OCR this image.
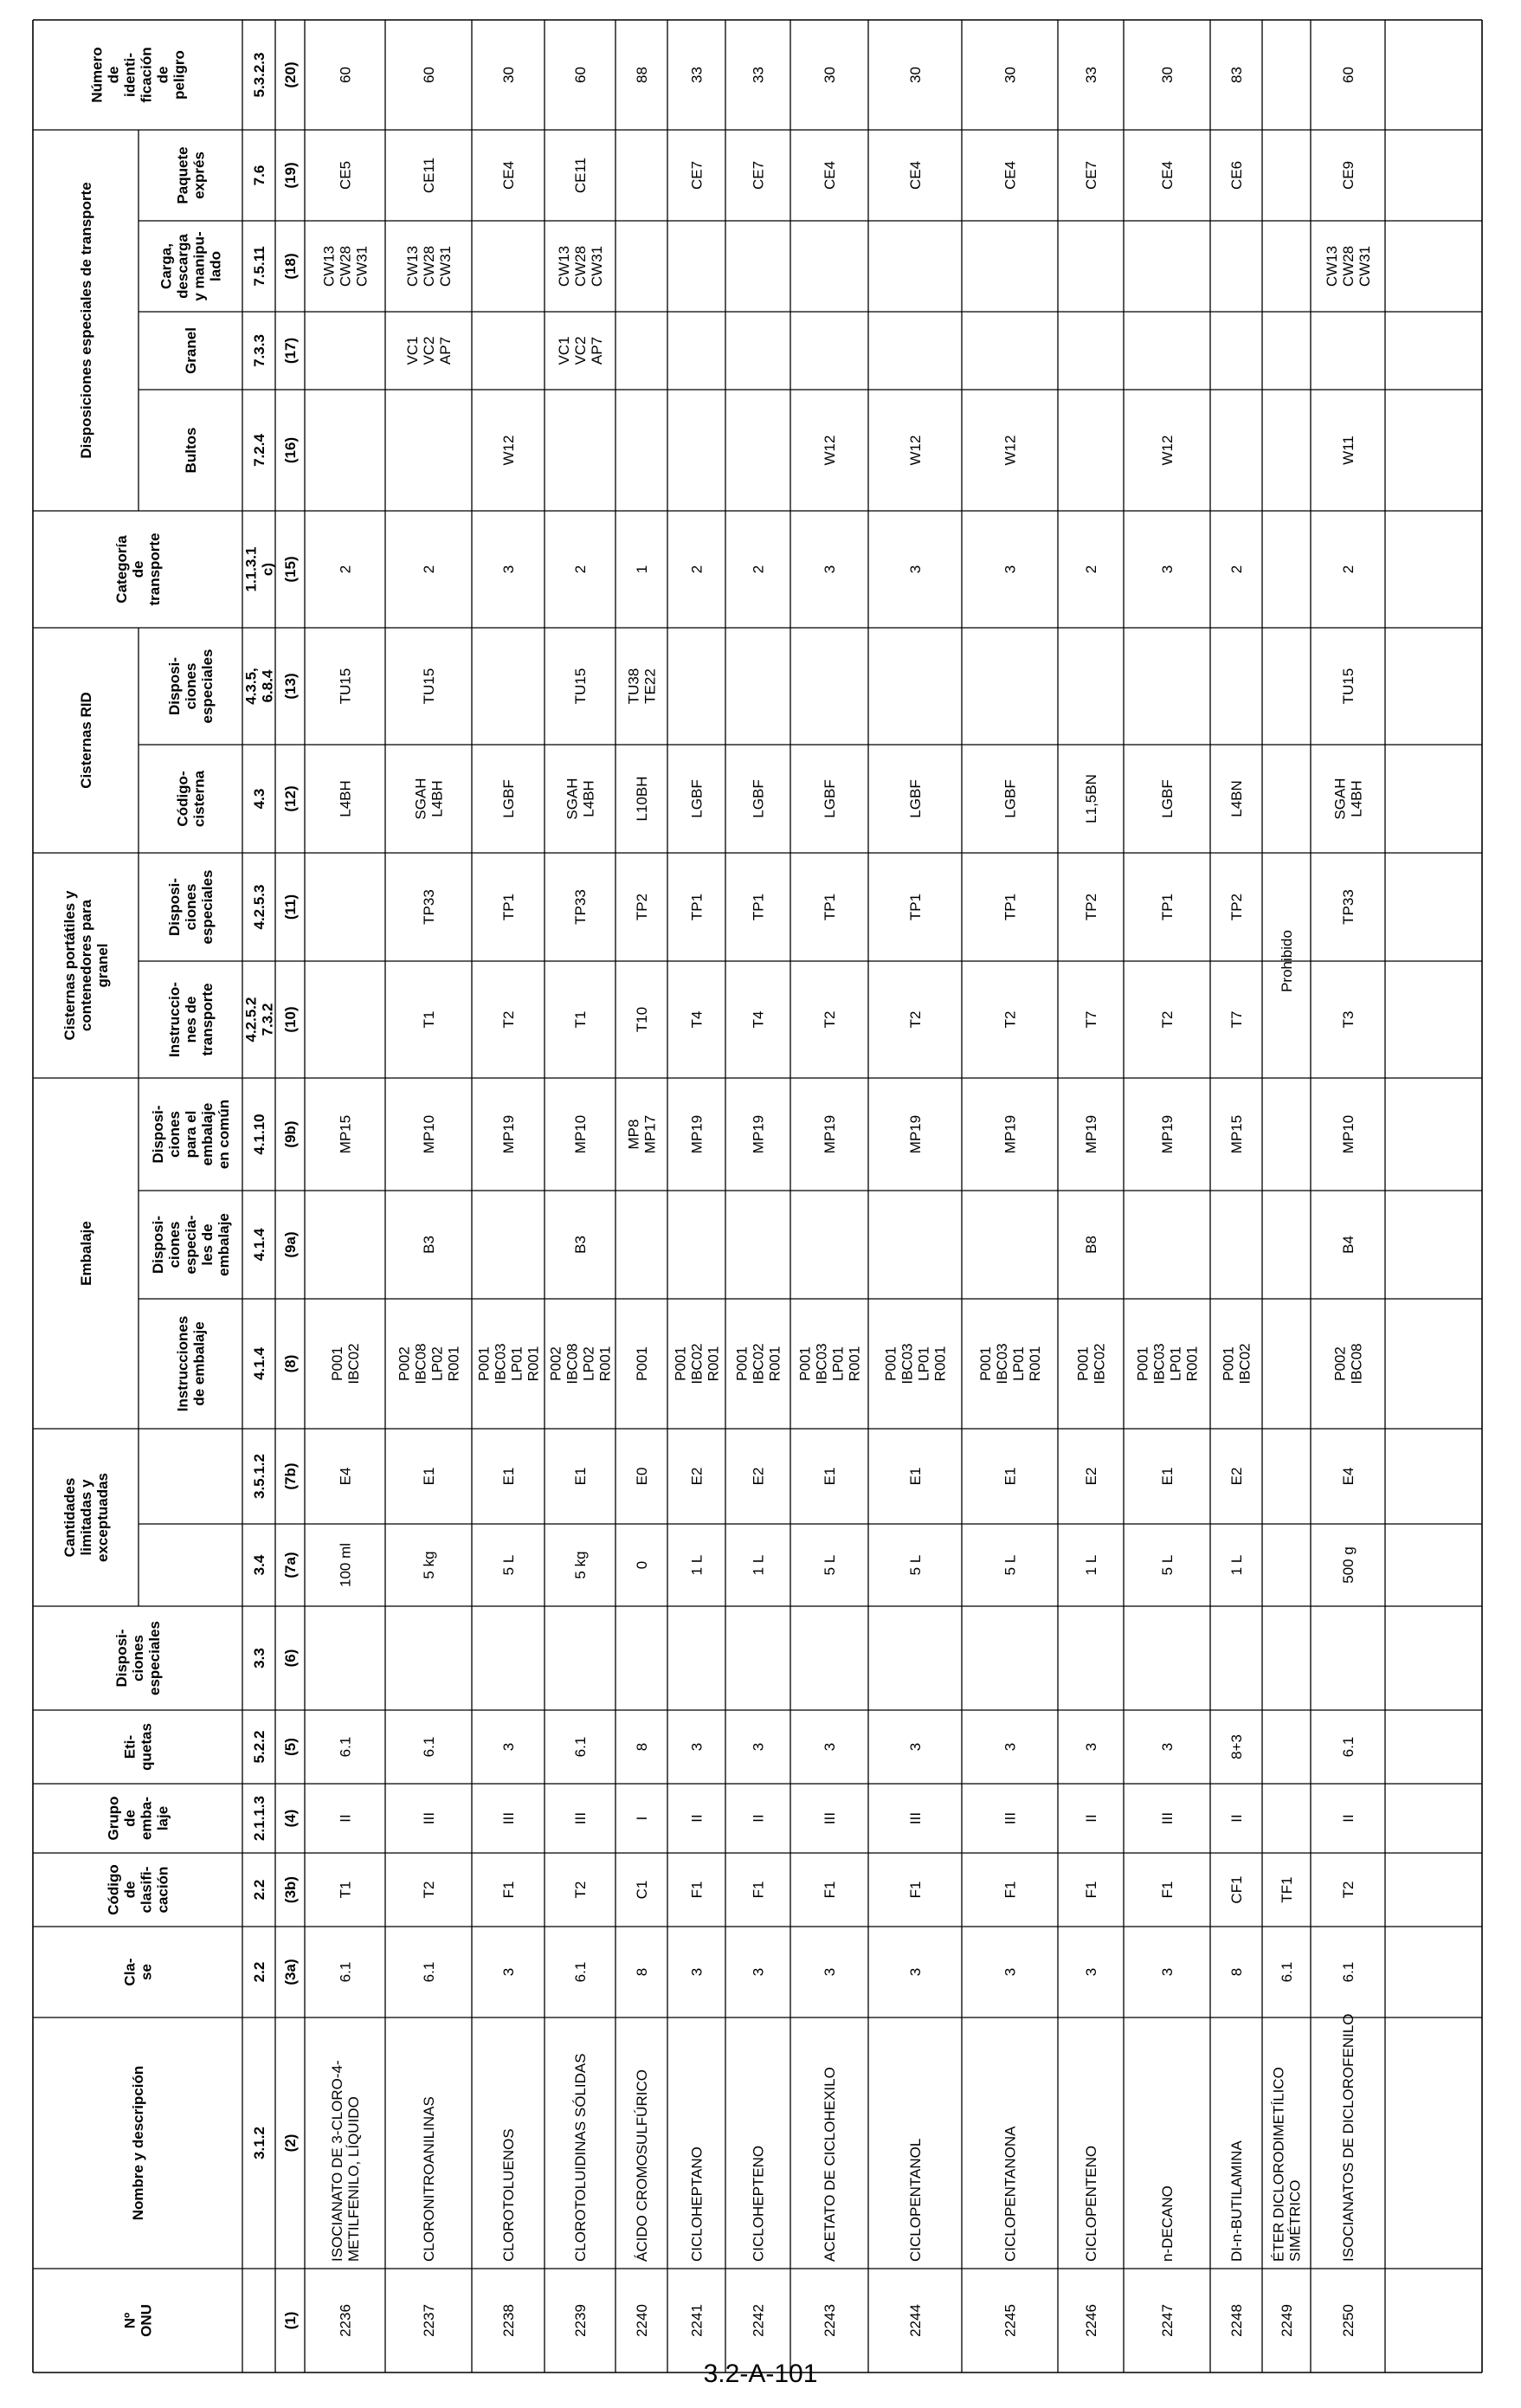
NºONU
Nombre y descripción
Cla-se
Códigodeclasifi-cación
Grupodeemba-laje
Eti-quetas
Disposi-cionesespeciales
Instruccionesde embalaje
Disposi-cionesespecia-les deembalaje
Disposi-cionespara elembalajeen común
Instruccio-nes detransporte
Disposi-cionesespeciales
Código-cisterna
Disposi-cionesespeciales
Categoríadetransporte
Bultos
Granel
Carga,descargay manipu-lado
Paqueteexprés
Númerodeidenti-ficacióndepeligro
Embalaje
Cisternas portátiles ycontenedores paragranel
Cisternas RID
Disposiciones especiales de transporte
Cantidadeslimitadas yexceptuadas
3.1.2
2.2
2.2
2.1.1.3
5.2.2
3.3
3.4
3.5.1.2
4.1.4
4.1.4
4.1.10
4.2.5.27.3.2
4.2.5.3
4.3
4.3.5,6.8.4
1.1.3.1c)
7.2.4
7.3.3
7.5.11
7.6
5.3.2.3
(1)
(2)
(3a)
(3b)
(4)
(5)
(6)
(7a)
(7b)
(8)
(9a)
(9b)
(10)
(11)
(12)
(13)
(15)
(16)
(17)
(18)
(19)
(20)
2236
ISOCIANATO DE 3-CLORO-4-METILFENILO, LÍQUIDO
6.1
T1
II
6.1
100 ml
E4
P001IBC02
MP15
L4BH
TU15
2
CW13CW28CW31
CE5
60
2237
CLORONITROANILINAS
6.1
T2
III
6.1
5 kg
E1
P002IBC08LP02R001
B3
MP10
T1
TP33
SGAHL4BH
TU15
2
VC1VC2AP7
CW13CW28CW31
CE11
60
2238
CLOROTOLUENOS
3
F1
III
3
5 L
E1
P001IBC03LP01R001
MP19
T2
TP1
LGBF
3
W12
CE4
30
2239
CLOROTOLUIDINAS SÓLIDAS
6.1
T2
III
6.1
5 kg
E1
P002IBC08LP02R001
B3
MP10
T1
TP33
SGAHL4BH
TU15
2
VC1VC2AP7
CW13CW28CW31
CE11
60
2240
ÁCIDO CROMOSULFÚRICO
8
C1
I
8
0
E0
P001
MP8MP17
T10
TP2
L10BH
TU38TE22
1
88
2241
CICLOHEPTANO
3
F1
II
3
1 L
E2
P001IBC02R001
MP19
T4
TP1
LGBF
2
CE7
33
2242
CICLOHEPTENO
3
F1
II
3
1 L
E2
P001IBC02R001
MP19
T4
TP1
LGBF
2
CE7
33
2243
ACETATO DE CICLOHEXILO
3
F1
III
3
5 L
E1
P001IBC03LP01R001
MP19
T2
TP1
LGBF
3
W12
CE4
30
2244
CICLOPENTANOL
3
F1
III
3
5 L
E1
P001IBC03LP01R001
MP19
T2
TP1
LGBF
3
W12
CE4
30
2245
CICLOPENTANONA
3
F1
III
3
5 L
E1
P001IBC03LP01R001
MP19
T2
TP1
LGBF
3
W12
CE4
30
2246
CICLOPENTENO
3
F1
II
3
1 L
E2
P001IBC02
B8
MP19
T7
TP2
L1,5BN
2
CE7
33
2247
n-DECANO
3
F1
III
3
5 L
E1
P001IBC03LP01R001
MP19
T2
TP1
LGBF
3
W12
CE4
30
2248
DI-n-BUTILAMINA
8
CF1
II
8+3
1 L
E2
P001IBC02
MP15
T7
TP2
L4BN
2
CE6
83
2249
ÉTER DICLORODIMETÍLICOSIMÉTRICO
6.1
TF1
2250
ISOCIANATOS DE DICLOROFENILO
6.1
T2
II
6.1
500 g
E4
P002IBC08
B4
MP10
T3
TP33
SGAHL4BH
TU15
2
W11
CW13CW28CW31
CE9
60
Prohibido
3.2-A-101
